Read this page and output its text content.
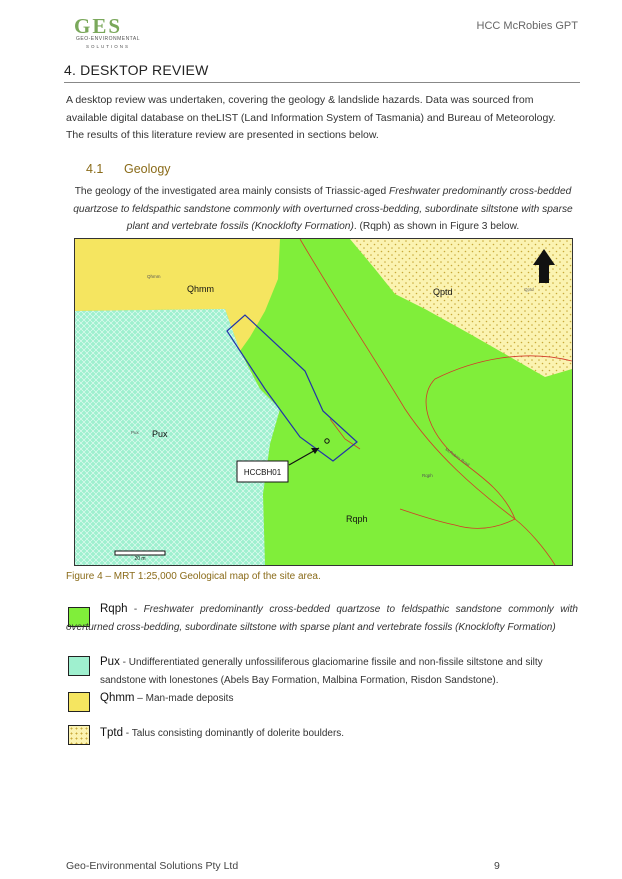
GES
GEO-ENVIRONMENTAL
SOLUTIONS
HCC McRobies GPT
4. DESKTOP REVIEW
A desktop review was undertaken, covering the geology & landslide hazards. Data was sourced from
available digital database on theLIST (Land Information System of Tasmania) and Bureau of Meteorology.
The results of this literature review are presented in sections below.
4.1 Geology
The geology of the investigated area mainly consists of Triassic-aged Freshwater predominantly cross-bedded quartzose to feldspathic sandstone commonly with overturned cross-bedding, subordinate siltstone with sparse plant and vertebrate fossils (Knocklofty Formation). (Rqph) as shown in Figure 3 below.
HCCBH01
Qhmm
Qhmm
Qptd	Qptd
Pux
Pux
Rqph
Rqph
McRobies Road
20 m
Figure 4 – MRT 1:25,000 Geological map of the site area.
Rqph - Freshwater predominantly cross-bedded quartzose to feldspathic sandstone commonly with overturned cross-bedding, subordinate siltstone with sparse plant and vertebrate fossils (Knocklofty Formation)
Pux - Undifferentiated generally unfossiliferous glaciomarine fissile and non-fissile siltstone and silty sandstone with lonestones (Abels Bay Formation, Malbina Formation, Risdon Sandstone).
Qhmm – Man-made deposits
Tptd - Talus consisting dominantly of dolerite boulders.
Geo-Environmental Solutions Pty Ltd	9
